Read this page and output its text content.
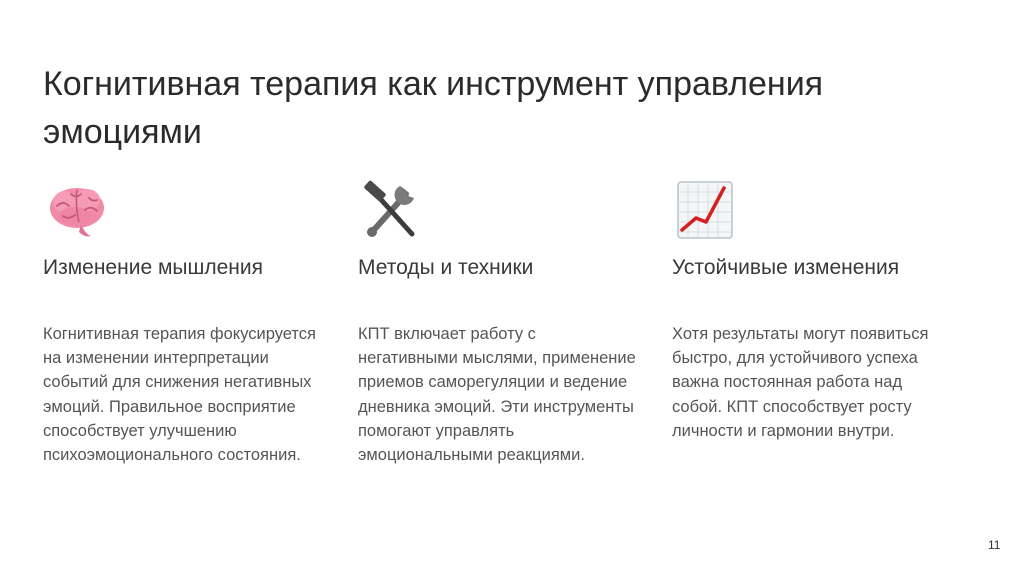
Когнитивная терапия как инструмент управления эмоциями
Изменение мышления

Когнитивная терапия фокусируется на изменении интерпретации событий для снижения негативных эмоций. Правильное восприятие способствует улучшению психоэмоционального состояния.

Методы и техники

КПТ включает работу с негативными мыслями, применение приемов саморегуляции и ведение дневника эмоций. Эти инструменты помогают управлять эмоциональными реакциями.

Устойчивые изменения

Хотя результаты могут появиться быстро, для устойчивого успеха важна постоянная работа над собой. КПТ способствует росту личности и гармонии внутри.

11
